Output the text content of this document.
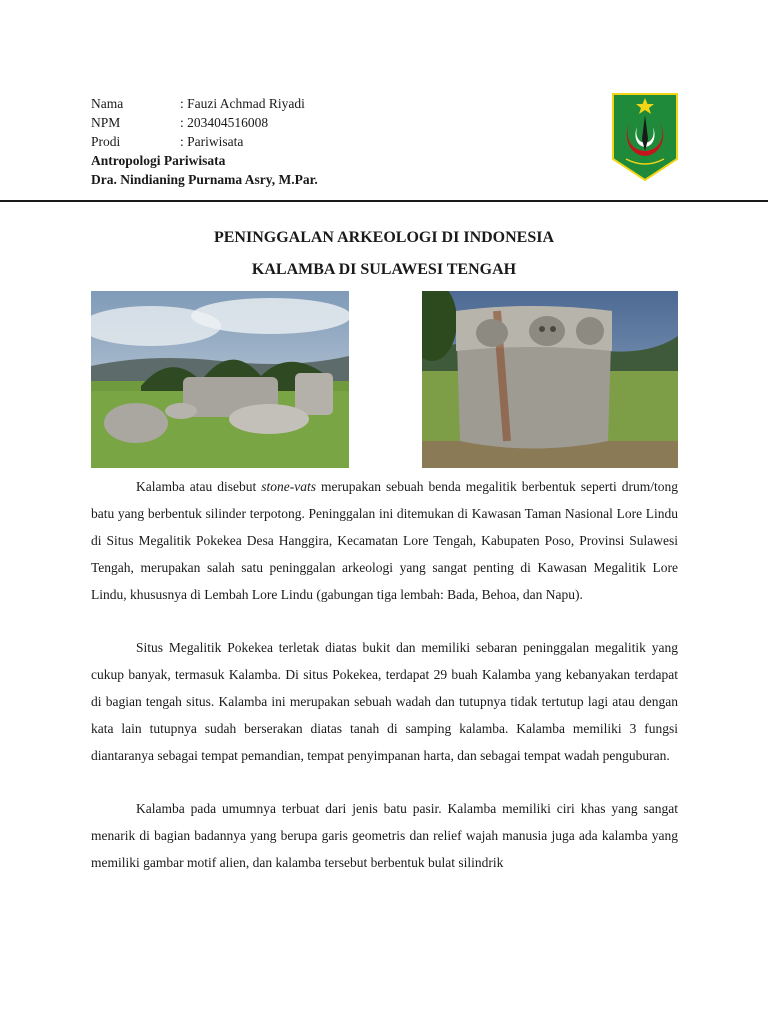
Nama	: Fauzi Achmad Riyadi
NPM	: 203404516008
Prodi	: Pariwisata
Antropologi Pariwisata
Dra. Nindianing Purnama Asry, M.Par.
PENINGGALAN ARKEOLOGI DI INDONESIA
KALAMBA DI SULAWESI TENGAH

Kalamba atau disebut stone-vats merupakan sebuah benda megalitik berbentuk seperti drum/tong batu yang berbentuk silinder terpotong. Peninggalan ini ditemukan di Kawasan Taman Nasional Lore Lindu di Situs Megalitik Pokekea Desa Hanggira, Kecamatan Lore Tengah, Kabupaten Poso, Provinsi Sulawesi Tengah, merupakan salah satu peninggalan arkeologi yang sangat penting di Kawasan Megalitik Lore Lindu, khususnya di Lembah Lore Lindu (gabungan tiga lembah: Bada, Behoa, dan Napu).

Situs Megalitik Pokekea terletak diatas bukit dan memiliki sebaran peninggalan megalitik yang cukup banyak, termasuk Kalamba. Di situs Pokekea, terdapat 29 buah Kalamba yang kebanyakan terdapat di bagian tengah situs. Kalamba ini merupakan sebuah wadah dan tutupnya tidak tertutup lagi atau dengan kata lain tutupnya sudah berserakan diatas tanah di samping kalamba. Kalamba memiliki 3 fungsi diantaranya sebagai tempat pemandian, tempat penyimpanan harta, dan sebagai tempat wadah penguburan.

Kalamba pada umumnya terbuat dari jenis batu pasir. Kalamba memiliki ciri khas yang sangat menarik di bagian badannya yang berupa garis geometris dan relief wajah manusia juga ada kalamba yang memiliki gambar motif alien, dan kalamba tersebut berbentuk bulat silindrik
